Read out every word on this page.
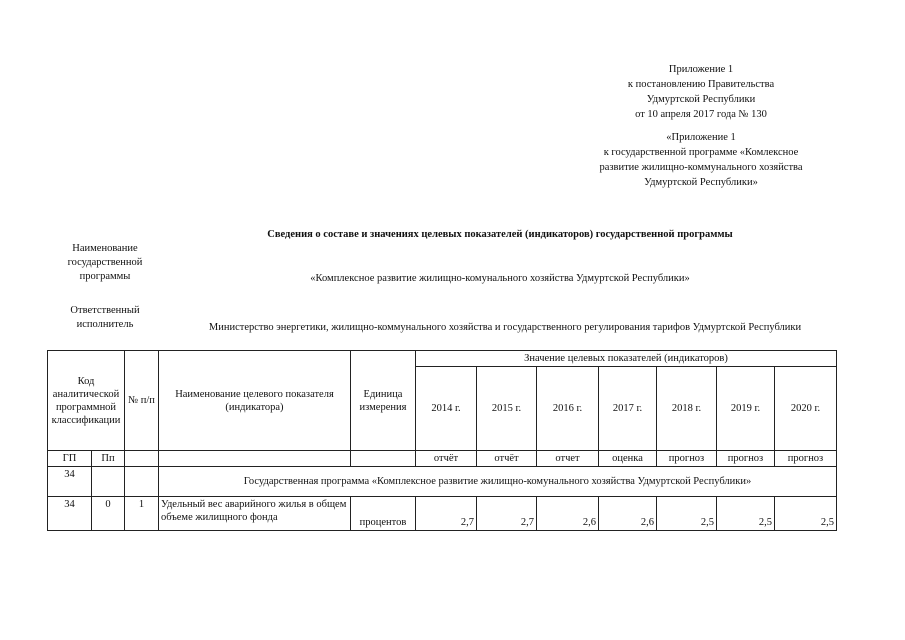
Приложение 1
к постановлению Правительства
Удмуртской Республики
от 10 апреля 2017 года № 130
«Приложение 1
к государственной программе «Комлексное
развитие жилищно-коммунального хозяйства
Удмуртской Республики»
Сведения о составе и значениях целевых показателей (индикаторов) государственной программы
Наименование государственной программы	«Комплексное развитие жилищно-комунального хозяйства Удмуртской Республики»
Ответственный исполнитель	Министерство энергетики, жилищно-коммунального хозяйства и государственного регулирования тарифов Удмуртской Республики
Код аналитической программной классификации		№ п/п	Наименование целевого показателя (индикатора)	Единица измерения	Значение целевых показателей (индикаторов)						
					2014 г.	2015 г.	2016 г.	2017 г.	2018 г.	2019 г.	2020 г.
ГП	Пп				отчёт	отчёт	отчет	оценка	прогноз	прогноз	прогноз
34			Государственная программа «Комплексное развитие жилищно-комунального хозяйства Удмуртской Республики»								
34	0	1	Удельный вес аварийного жилья в общем объеме жилищного фонда	процентов	2,7	2,7	2,6	2,6	2,5	2,5	2,5
